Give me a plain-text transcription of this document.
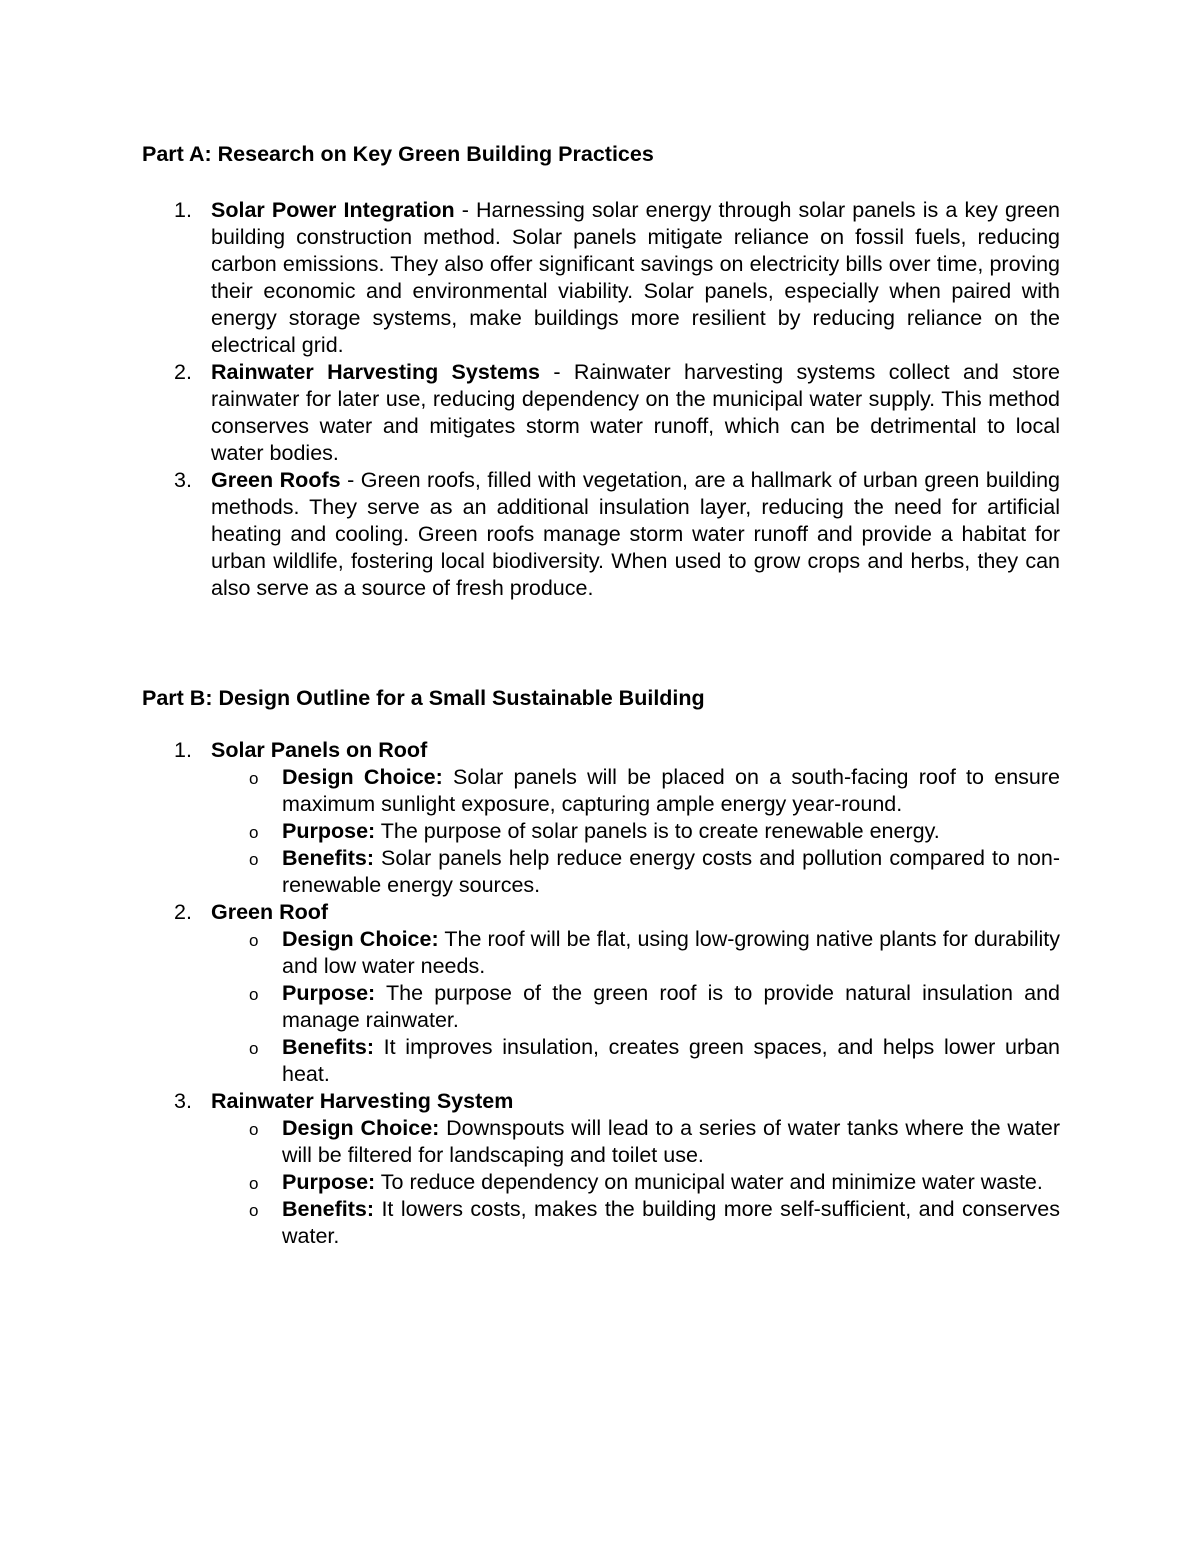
Part A: Research on Key Green Building Practices
1. Solar Power Integration - Harnessing solar energy through solar panels is a key green building construction method. Solar panels mitigate reliance on fossil fuels, reducing carbon emissions. They also offer significant savings on electricity bills over time, proving their economic and environmental viability. Solar panels, especially when paired with energy storage systems, make buildings more resilient by reducing reliance on the electrical grid.
2. Rainwater Harvesting Systems - Rainwater harvesting systems collect and store rainwater for later use, reducing dependency on the municipal water supply. This method conserves water and mitigates storm water runoff, which can be detrimental to local water bodies.
3. Green Roofs - Green roofs, filled with vegetation, are a hallmark of urban green building methods. They serve as an additional insulation layer, reducing the need for artificial heating and cooling. Green roofs manage storm water runoff and provide a habitat for urban wildlife, fostering local biodiversity. When used to grow crops and herbs, they can also serve as a source of fresh produce.
Part B: Design Outline for a Small Sustainable Building
1. Solar Panels on Roof
o Design Choice: Solar panels will be placed on a south-facing roof to ensure maximum sunlight exposure, capturing ample energy year-round.
o Purpose: The purpose of solar panels is to create renewable energy.
o Benefits: Solar panels help reduce energy costs and pollution compared to non-renewable energy sources.
2. Green Roof
o Design Choice: The roof will be flat, using low-growing native plants for durability and low water needs.
o Purpose: The purpose of the green roof is to provide natural insulation and manage rainwater.
o Benefits: It improves insulation, creates green spaces, and helps lower urban heat.
3. Rainwater Harvesting System
o Design Choice: Downspouts will lead to a series of water tanks where the water will be filtered for landscaping and toilet use.
o Purpose: To reduce dependency on municipal water and minimize water waste.
o Benefits: It lowers costs, makes the building more self-sufficient, and conserves water.
